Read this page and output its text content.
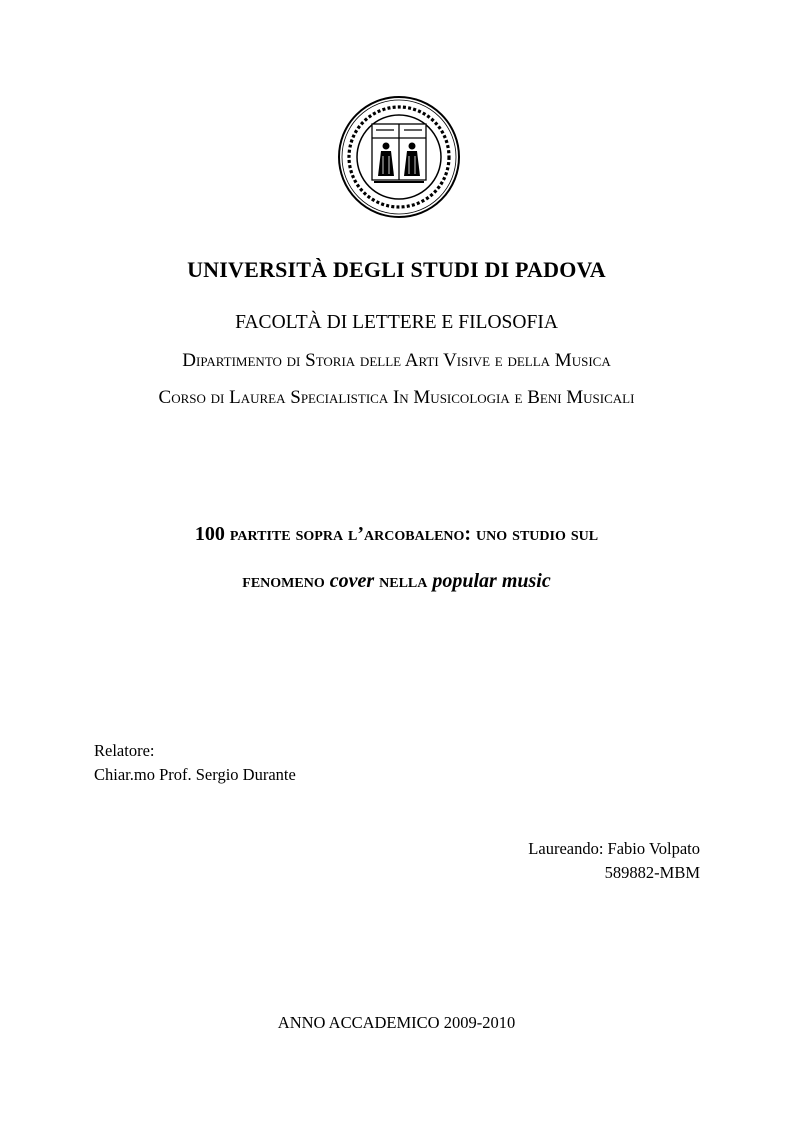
UNIVERSITÀ DEGLI STUDI DI PADOVA
FACOLTÀ DI LETTERE E FILOSOFIA
Dipartimento di Storia delle Arti Visive e della Musica
Corso di Laurea Specialistica In Musicologia e Beni Musicali
100 partite sopra l’arcobaleno: uno studio sul
fenomeno cover nella popular music
Relatore:
Chiar.mo Prof. Sergio Durante
Laureando: Fabio Volpato
589882-MBM
ANNO ACCADEMICO 2009-2010
